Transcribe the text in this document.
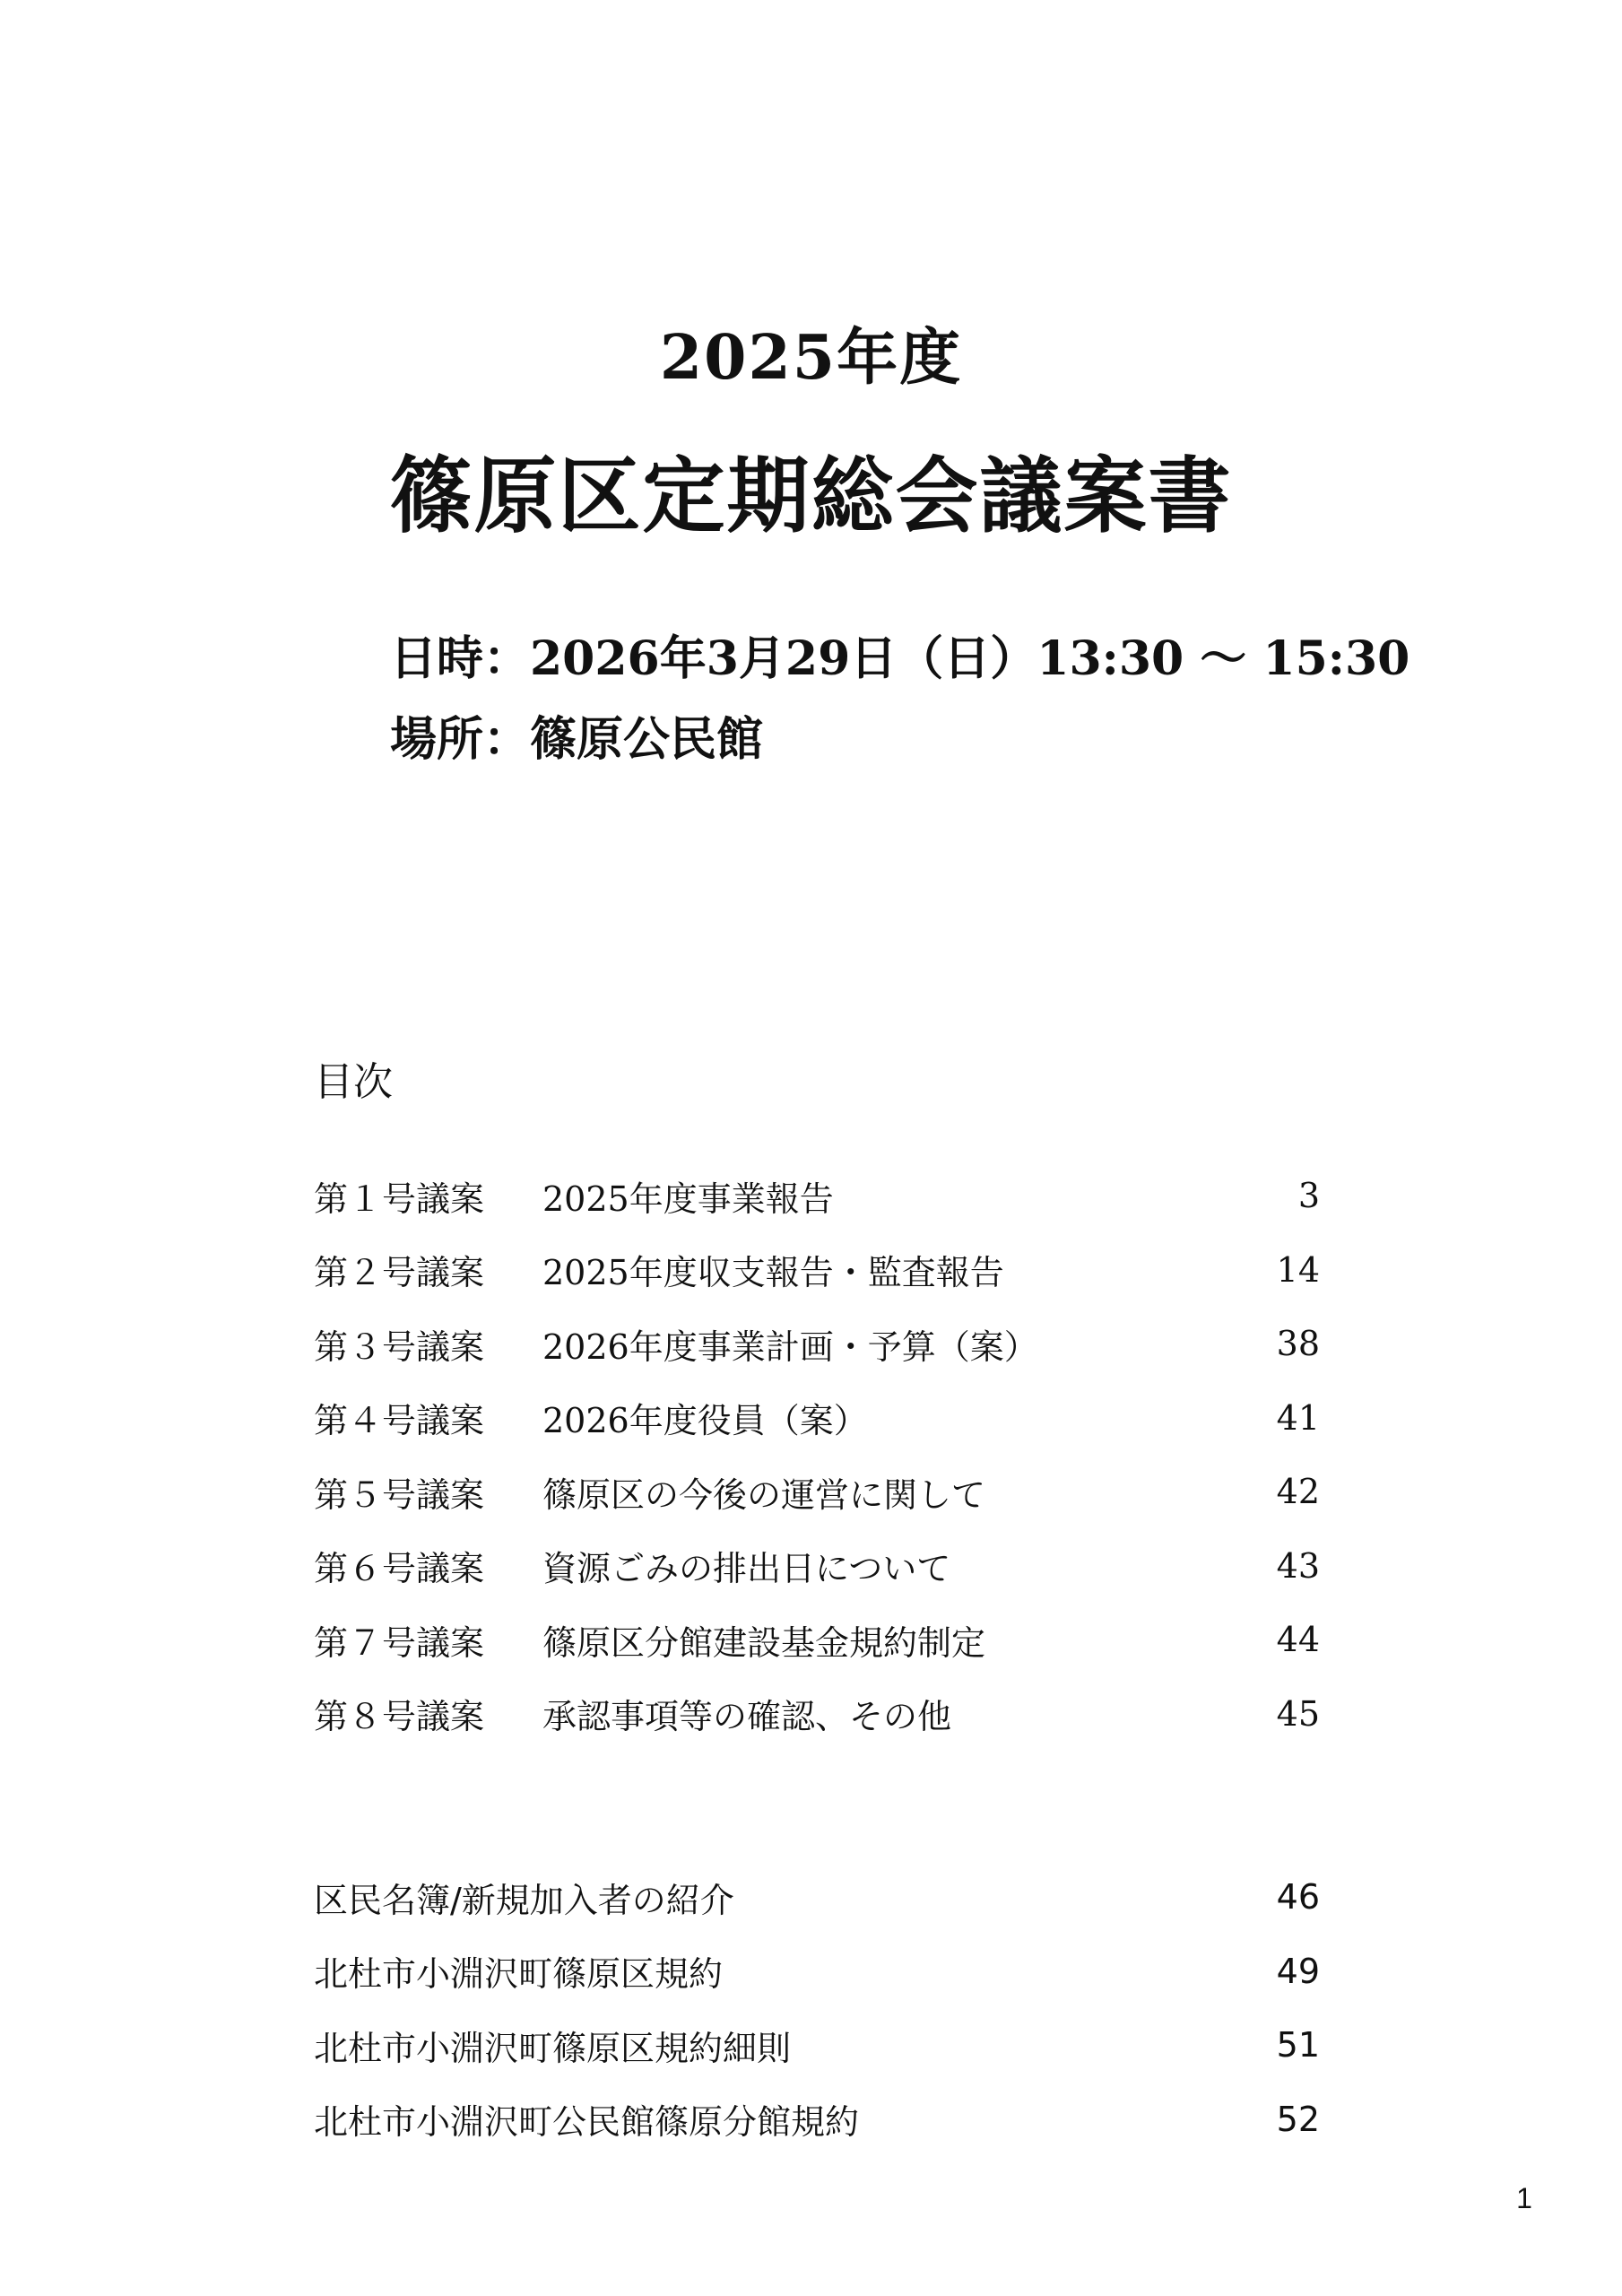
2025年度
篠原区定期総会議案書
日時：2026年3月29日（日）13:30 〜 15:30
場所：篠原公民館
目次
第１号議案	2025年度事業報告	3
第２号議案	2025年度収支報告・監査報告	14
第３号議案	2026年度事業計画・予算（案）	38
第４号議案	2026年度役員（案）	41
第５号議案	篠原区の今後の運営に関して	42
第６号議案	資源ごみの排出日について	43
第７号議案	篠原区分館建設基金規約制定	44
第８号議案	承認事項等の確認、その他	45
区民名簿/新規加入者の紹介	46
北杜市小淵沢町篠原区規約	49
北杜市小淵沢町篠原区規約細則	51
北杜市小淵沢町公民館篠原分館規約	52
1
